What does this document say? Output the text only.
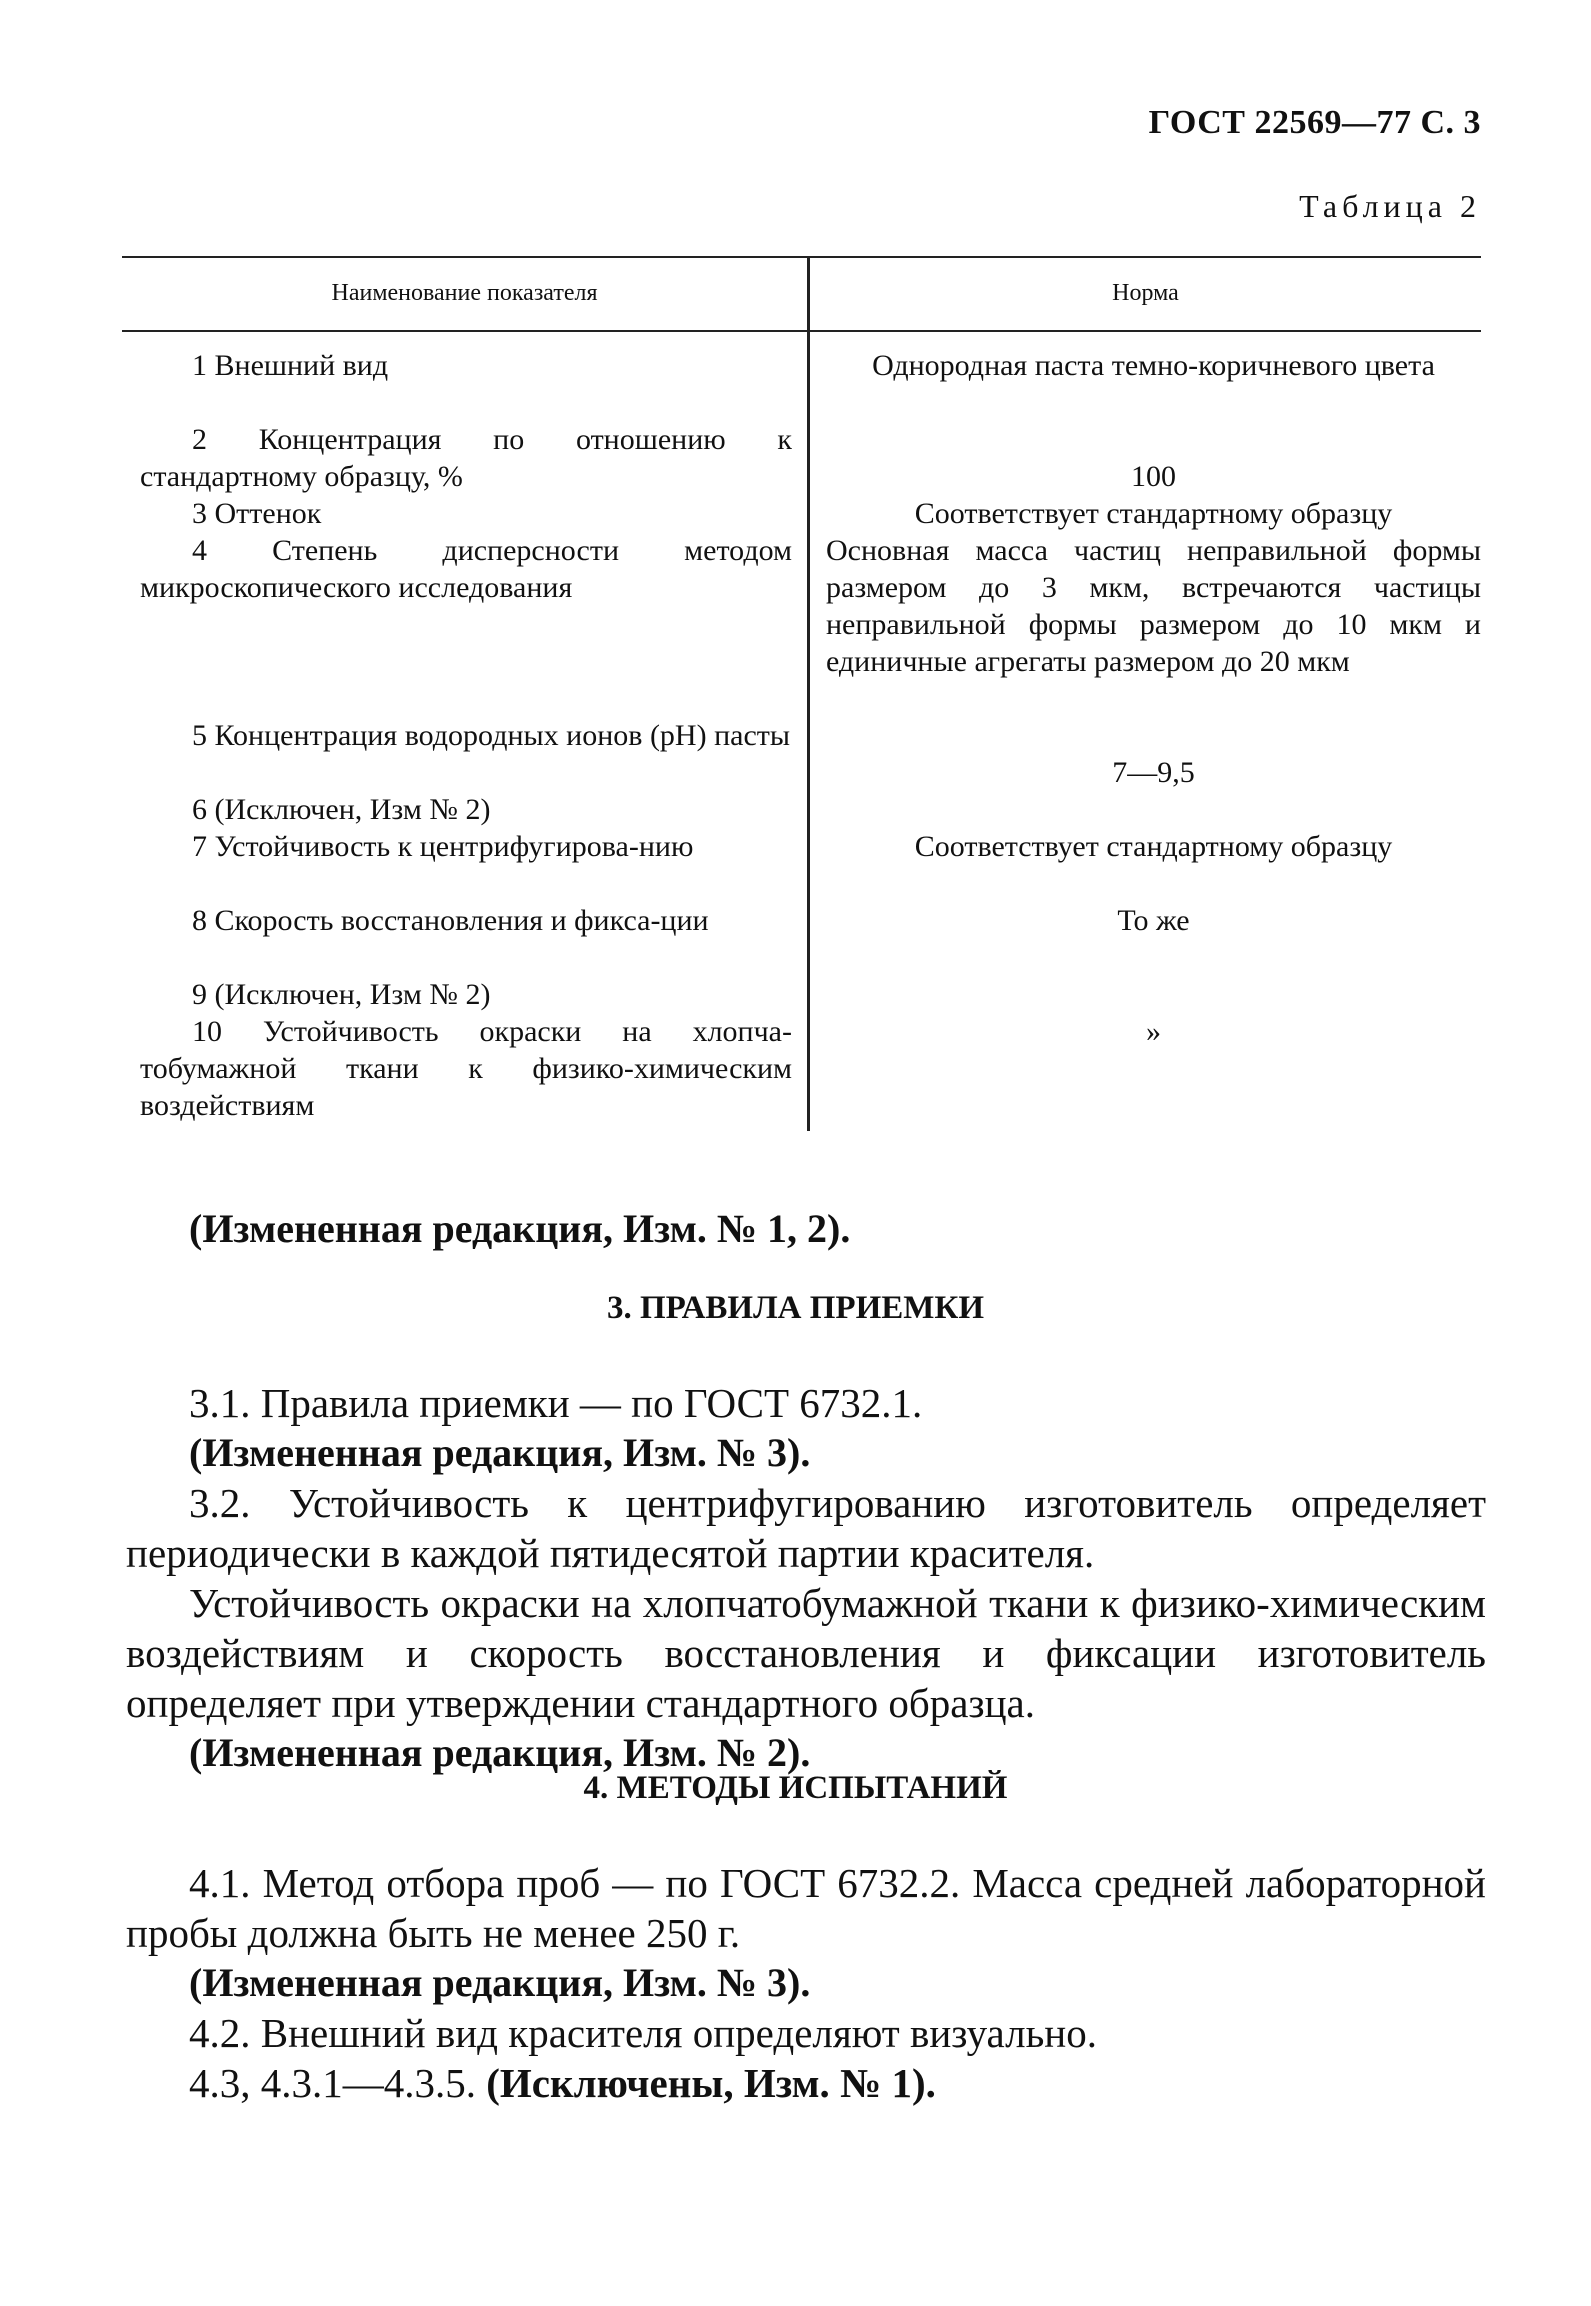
ГОСТ 22569—77 С. 3
Таблица 2
Наименование показателя	Норма
1 Внешний вид
2 Концентрация по отношению к стандартному образцу, %
3 Оттенок
4 Степень дисперсности методом микроскопического исследования
5 Концентрация водородных ионов (рН) пасты
6 (Исключен, Изм № 2)
7 Устойчивость к центрифугирова-нию
8 Скорость восстановления и фикса-ции
9 (Исключен, Изм № 2)
10 Устойчивость окраски на хлопча-тобумажной ткани к физико-химическим воздействиям
Однородная паста темно-коричневого цвета
100
Соответствует стандартному образцу
Основная масса частиц неправильной формы размером до 3 мкм, встречаются частицы неправильной формы размером до 10 мкм и единичные агрегаты размером до 20 мкм
7—9,5
Соответствует стандартному образцу
То же
»

(Измененная редакция, Изм. № 1, 2).

3. ПРАВИЛА ПРИЕМКИ

3.1. Правила приемки — по ГОСТ 6732.1.

(Измененная редакция, Изм. № 3).

3.2. Устойчивость к центрифугированию изготовитель определяет периодически в каждой пятидесятой партии красителя.

Устойчивость окраски на хлопчатобумажной ткани к физико-химическим воздействиям и скорость восстановления и фиксации изготовитель определяет при утверждении стандартного образца.

(Измененная редакция, Изм. № 2).

4. МЕТОДЫ ИСПЫТАНИЙ

4.1. Метод отбора проб — по ГОСТ 6732.2. Масса средней лабораторной пробы должна быть не менее 250 г.

(Измененная редакция, Изм. № 3).

4.2. Внешний вид красителя определяют визуально.

4.3, 4.3.1—4.3.5. (Исключены, Изм. № 1).
